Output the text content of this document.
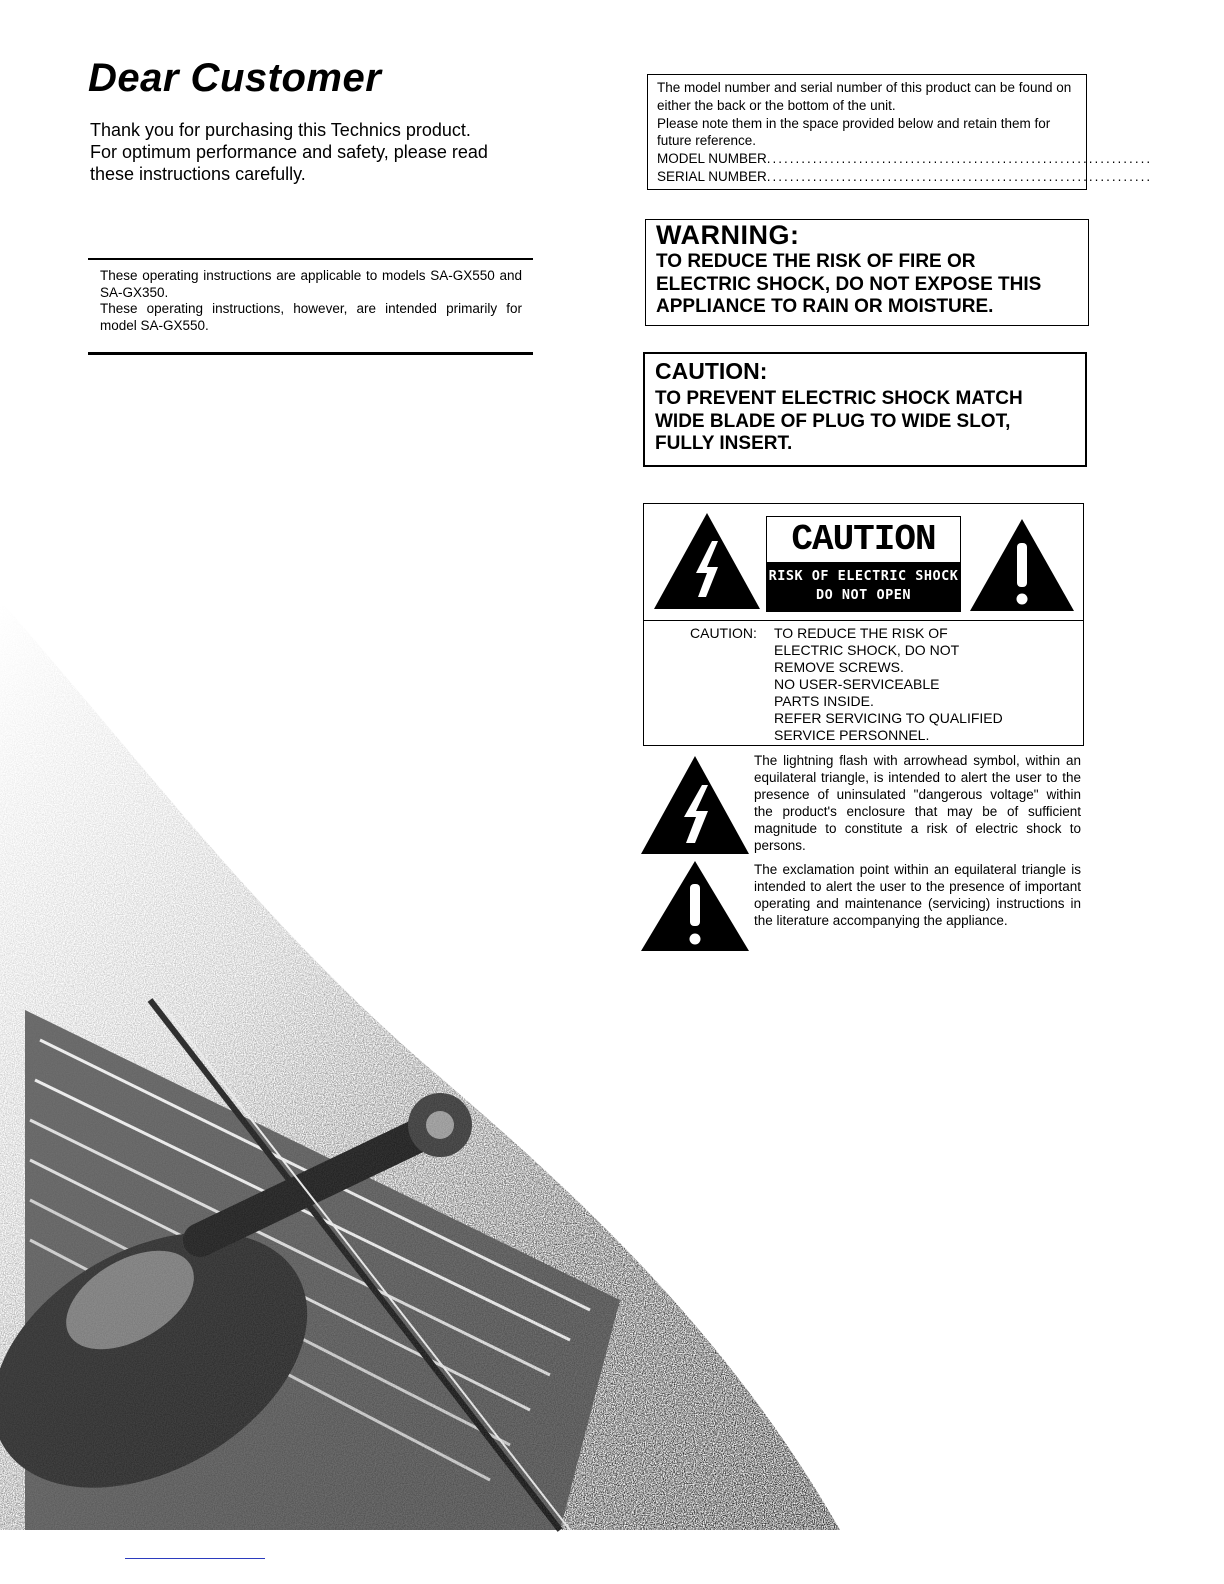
Dear Customer
Thank you for purchasing this Technics product.
For optimum performance and safety, please read
these instructions carefully.

These operating instructions are applicable to models SA-GX550 and SA-GX350.

These operating instructions, however, are intended primarily for model SA-GX550.

The model number and serial number of this product can be found on either the back or the bottom of the unit.

Please note them in the space provided below and retain them for future reference.

MODEL NUMBER ...................................................................
SERIAL NUMBER ...................................................................
WARNING:
TO REDUCE THE RISK OF FIRE OR
ELECTRIC SHOCK, DO NOT EXPOSE THIS
APPLIANCE TO RAIN OR MOISTURE.
CAUTION:
TO PREVENT ELECTRIC SHOCK MATCH
WIDE BLADE OF PLUG TO WIDE SLOT,
FULLY INSERT.
CAUTION
RISK OF ELECTRIC SHOCK
DO NOT OPEN
CAUTION: TO REDUCE THE RISK OF
ELECTRIC SHOCK, DO NOT
REMOVE SCREWS.
NO USER-SERVICEABLE
PARTS INSIDE.
REFER SERVICING TO QUALIFIED
SERVICE PERSONNEL.
The lightning flash with arrowhead symbol, within an equilateral triangle, is intended to alert the user to the presence of uninsulated "dangerous voltage" within the product's enclosure that may be of sufficient magnitude to constitute a risk of electric shock to persons.
The exclamation point within an equilateral triangle is intended to alert the user to the presence of important operating and maintenance (servicing) instructions in the literature accompanying the appliance.
